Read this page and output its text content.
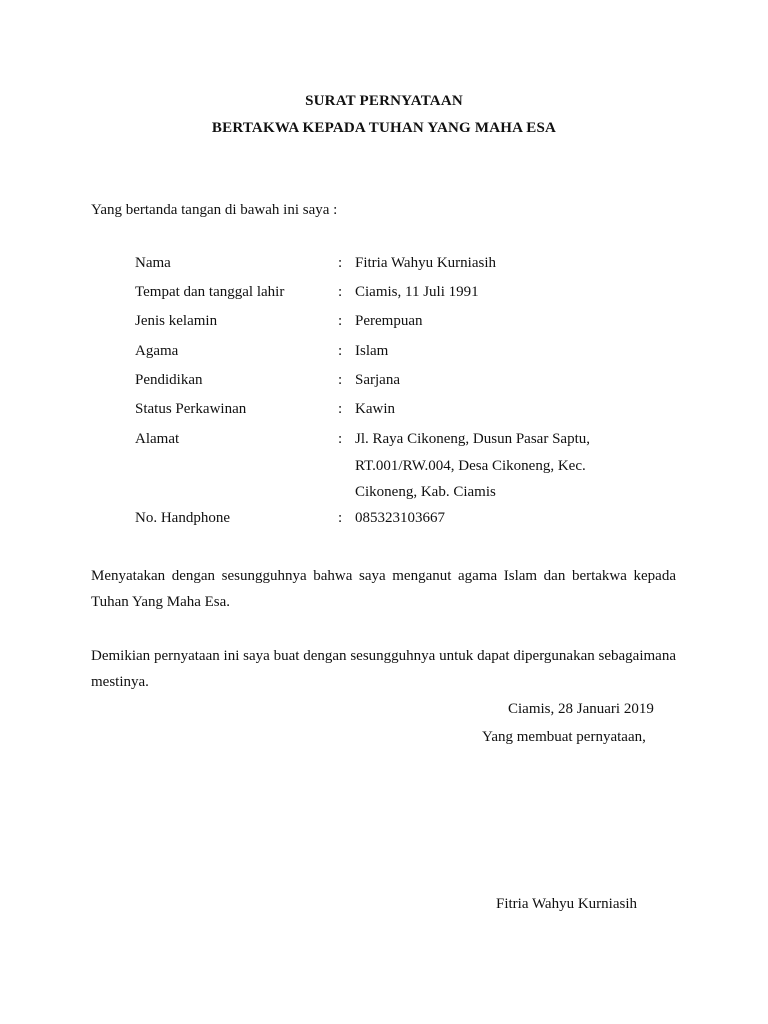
SURAT PERNYATAAN
BERTAKWA KEPADA TUHAN YANG MAHA ESA
Yang bertanda tangan di bawah ini saya :
Nama	: Fitria Wahyu Kurniasih
Tempat dan tanggal lahir	: Ciamis, 11 Juli 1991
Jenis kelamin	: Perempuan
Agama	: Islam
Pendidikan	: Sarjana
Status Perkawinan	: Kawin
Alamat	: Jl. Raya Cikoneng, Dusun Pasar Saptu,
RT.001/RW.004, Desa Cikoneng, Kec.
Cikoneng, Kab. Ciamis
No. Handphone	: 085323103667
Menyatakan dengan sesungguhnya bahwa saya menganut agama Islam dan bertakwa kepada
Tuhan Yang Maha Esa.
Demikian pernyataan ini saya buat dengan sesungguhnya untuk dapat dipergunakan sebagaimana
mestinya.
Ciamis, 28 Januari 2019
Yang membuat pernyataan,
Fitria Wahyu Kurniasih
